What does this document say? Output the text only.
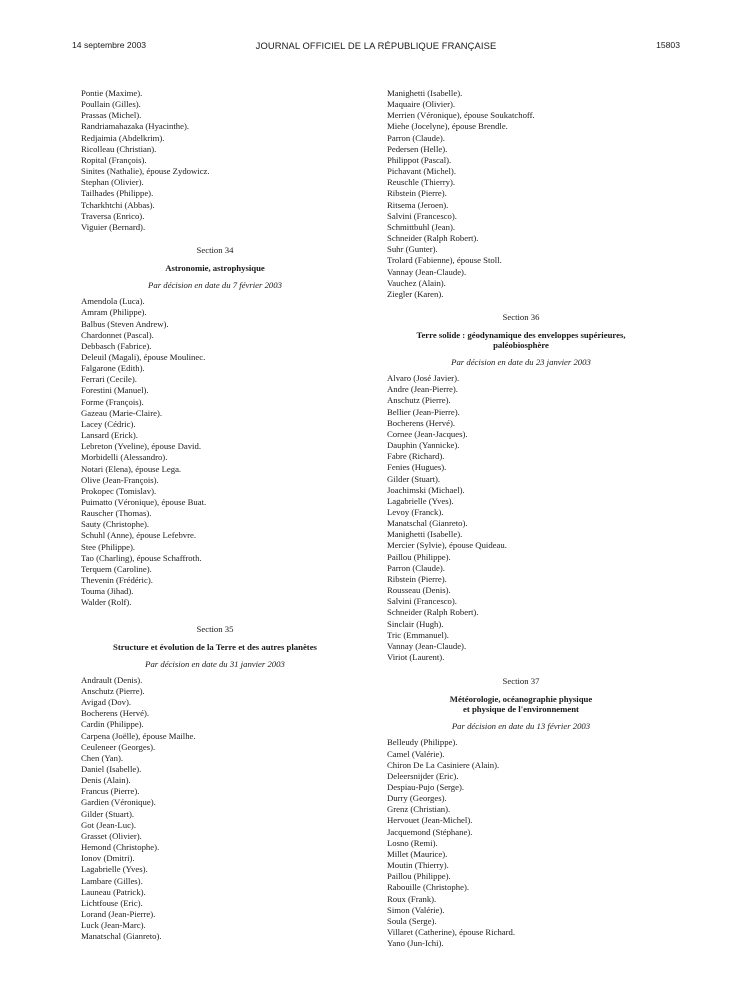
14 septembre 2003	JOURNAL OFFICIEL DE LA RÉPUBLIQUE FRANÇAISE	15803
Pontie (Maxime).
Poullain (Gilles).
Prassas (Michel).
Randriamahazaka (Hyacinthe).
Redjaimia (Abdelkrim).
Ricolleau (Christian).
Ropital (François).
Sinites (Nathalie), épouse Zydowicz.
Stephan (Olivier).
Tailhades (Philippe).
Tcharkhtchi (Abbas).
Traversa (Enrico).
Viguier (Bernard).
Section 34
Astronomie, astrophysique
Par décision en date du 7 février 2003
Amendola (Luca).
Amram (Philippe).
Balbus (Steven Andrew).
Chardonnet (Pascal).
Debbasch (Fabrice).
Deleuil (Magali), épouse Moulinec.
Falgarone (Edith).
Ferrari (Cecile).
Forestini (Manuel).
Forme (François).
Gazeau (Marie-Claire).
Lacey (Cédric).
Lansard (Erick).
Lebreton (Yveline), épouse David.
Morbidelli (Alessandro).
Notari (Elena), épouse Lega.
Olive (Jean-François).
Prokopec (Tomislav).
Puimatto (Véronique), épouse Buat.
Rauscher (Thomas).
Sauty (Christophe).
Schuhl (Anne), épouse Lefebvre.
Stee (Philippe).
Tao (Charling), épouse Schaffroth.
Terquem (Caroline).
Thevenin (Frédéric).
Touma (Jihad).
Walder (Rolf).
Section 35
Structure et évolution de la Terre et des autres planètes
Par décision en date du 31 janvier 2003
Andrault (Denis).
Anschutz (Pierre).
Avigad (Dov).
Bocherens (Hervé).
Cardin (Philippe).
Carpena (Joëlle), épouse Mailhe.
Ceuleneer (Georges).
Chen (Yan).
Daniel (Isabelle).
Denis (Alain).
Francus (Pierre).
Gardien (Véronique).
Gilder (Stuart).
Got (Jean-Luc).
Grasset (Olivier).
Hemond (Christophe).
Ionov (Dmitri).
Lagabrielle (Yves).
Lambare (Gilles).
Launeau (Patrick).
Lichtfouse (Eric).
Lorand (Jean-Pierre).
Luck (Jean-Marc).
Manatschal (Gianreto).
Manighetti (Isabelle).
Maquaire (Olivier).
Merrien (Véronique), épouse Soukatchoff.
Miehe (Jocelyne), épouse Brendle.
Parron (Claude).
Pedersen (Helle).
Philippot (Pascal).
Pichavant (Michel).
Reuschle (Thierry).
Ribstein (Pierre).
Ritsema (Jeroen).
Salvini (Francesco).
Schmittbuhl (Jean).
Schneider (Ralph Robert).
Suhr (Gunter).
Trolard (Fabienne), épouse Stoll.
Vannay (Jean-Claude).
Vauchez (Alain).
Ziegler (Karen).
Section 36
Terre solide : géodynamique des enveloppes supérieures,
paléobiosphère
Par décision en date du 23 janvier 2003
Alvaro (José Javier).
Andre (Jean-Pierre).
Anschutz (Pierre).
Bellier (Jean-Pierre).
Bocherens (Hervé).
Cornee (Jean-Jacques).
Dauphin (Yannicke).
Fabre (Richard).
Fenies (Hugues).
Gilder (Stuart).
Joachimski (Michael).
Lagabrielle (Yves).
Levoy (Franck).
Manatschal (Gianreto).
Manighetti (Isabelle).
Mercier (Sylvie), épouse Quideau.
Paillou (Philippe).
Parron (Claude).
Ribstein (Pierre).
Rousseau (Denis).
Salvini (Francesco).
Schneider (Ralph Robert).
Sinclair (Hugh).
Tric (Emmanuel).
Vannay (Jean-Claude).
Viriot (Laurent).
Section 37
Météorologie, océanographie physique
et physique de l'environnement
Par décision en date du 13 février 2003
Belleudy (Philippe).
Camel (Valérie).
Chiron De La Casiniere (Alain).
Deleersnijder (Eric).
Despiau-Pujo (Serge).
Durry (Georges).
Grenz (Christian).
Hervouet (Jean-Michel).
Jacquemond (Stéphane).
Losno (Remi).
Millet (Maurice).
Moutin (Thierry).
Paillou (Philippe).
Rabouille (Christophe).
Roux (Frank).
Simon (Valérie).
Soula (Serge).
Villaret (Catherine), épouse Richard.
Yano (Jun-Ichi).
